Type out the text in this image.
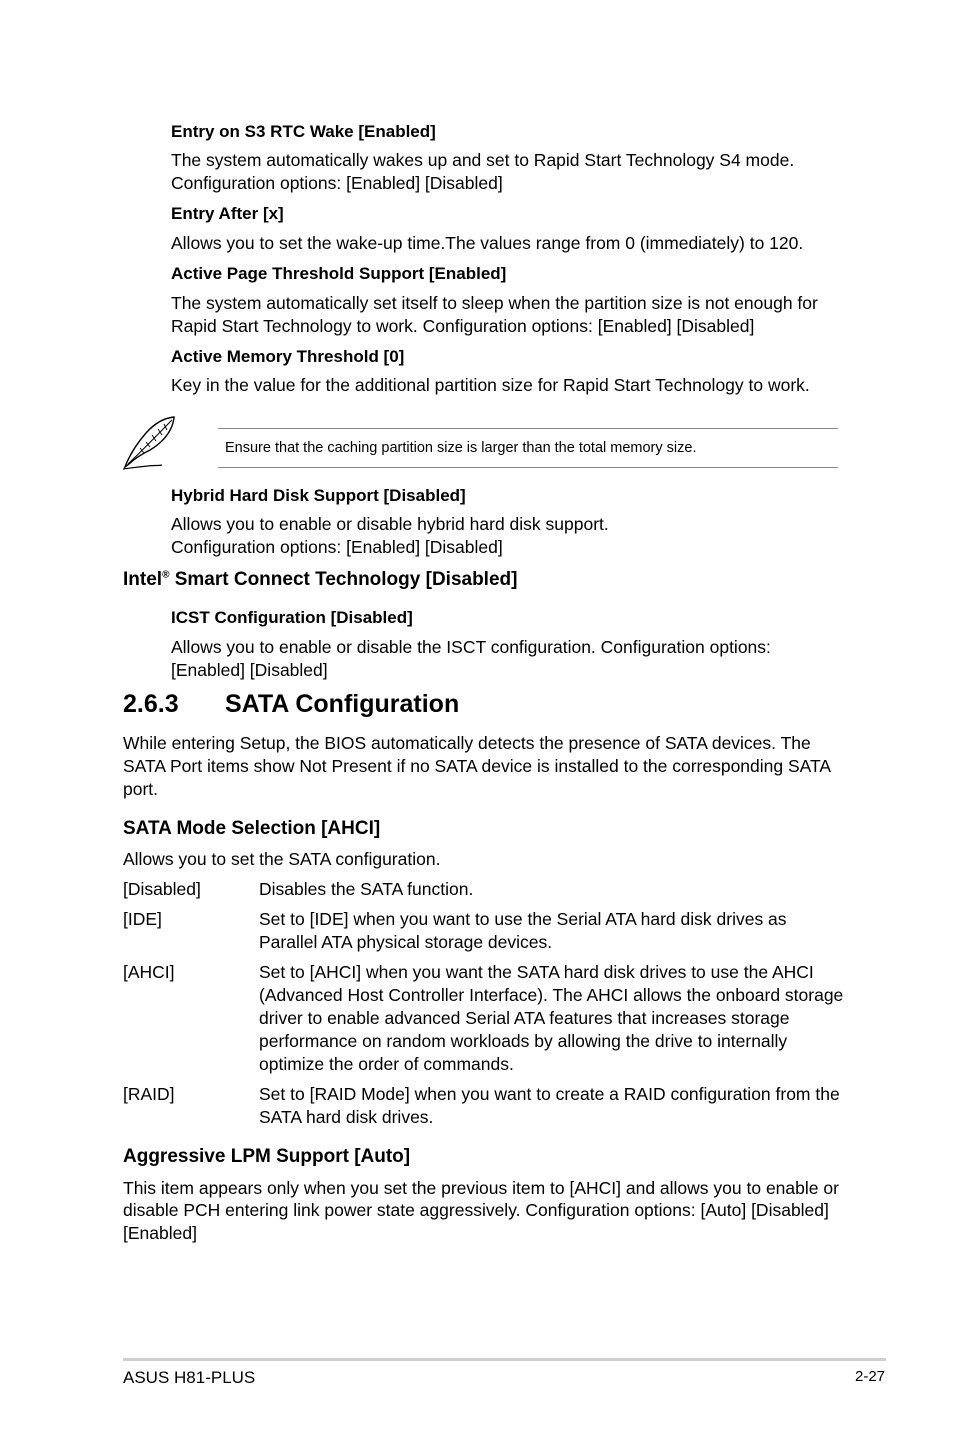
Entry on S3 RTC Wake [Enabled]
The system automatically wakes up and set to Rapid Start Technology S4 mode.
Configuration options: [Enabled] [Disabled]
Entry After [x]
Allows you to set the wake-up time.The values range from 0 (immediately) to 120.
Active Page Threshold Support [Enabled]
The system automatically set itself to sleep when the partition size is not enough for
Rapid Start Technology to work. Configuration options: [Enabled] [Disabled]
Active Memory Threshold [0]
Key in the value for the additional partition size for Rapid Start Technology to work.
Ensure that the caching partition size is larger than the total memory size.
Hybrid Hard Disk Support [Disabled]
Allows you to enable or disable hybrid hard disk support.
Configuration options: [Enabled] [Disabled]
Intel® Smart Connect Technology [Disabled]
ICST Configuration [Disabled]
Allows you to enable or disable the ISCT configuration. Configuration options:
[Enabled] [Disabled]
2.6.3 SATA Configuration
While entering Setup, the BIOS automatically detects the presence of SATA devices. The
SATA Port items show Not Present if no SATA device is installed to the corresponding SATA
port.
SATA Mode Selection [AHCI]
Allows you to set the SATA configuration.
[Disabled]	Disables the SATA function.
[IDE]	Set to [IDE] when you want to use the Serial ATA hard disk drives as
Parallel ATA physical storage devices.
[AHCI]	Set to [AHCI] when you want the SATA hard disk drives to use the AHCI
(Advanced Host Controller Interface). The AHCI allows the onboard storage
driver to enable advanced Serial ATA features that increases storage
performance on random workloads by allowing the drive to internally
optimize the order of commands.
[RAID]	Set to [RAID Mode] when you want to create a RAID configuration from the
SATA hard disk drives.
Aggressive LPM Support [Auto]
This item appears only when you set the previous item to [AHCI] and allows you to enable or
disable PCH entering link power state aggressively. Configuration options: [Auto] [Disabled]
[Enabled]
ASUS H81-PLUS	2-27
